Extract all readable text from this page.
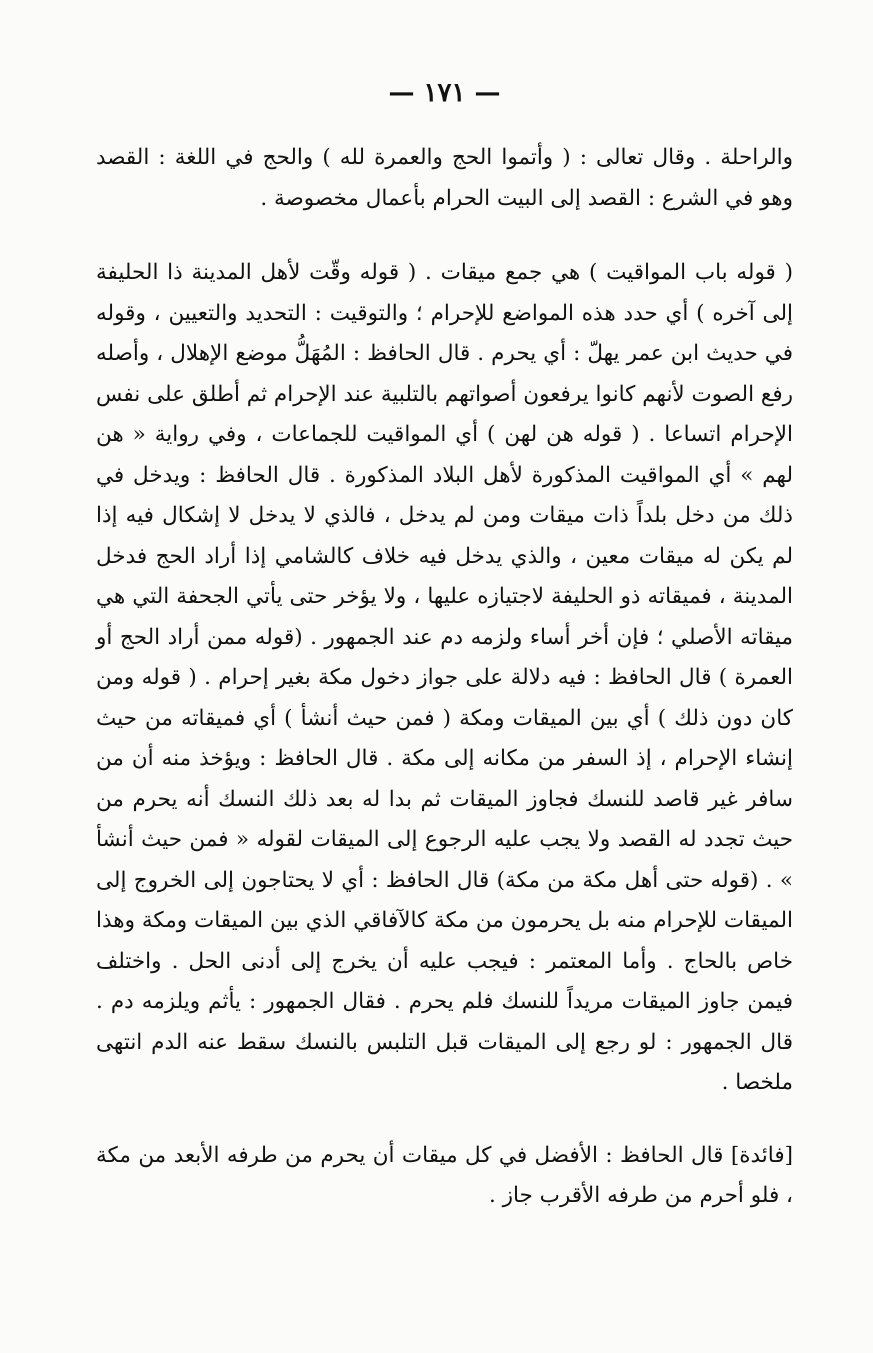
— ١٧١ —

والراحلة . وقال تعالى : ( وأتموا الحج والعمرة لله ) والحج في اللغة : القصد وهو في الشرع : القصد إلى البيت الحرام بأعمال مخصوصة .

( قوله باب المواقيت ) هي جمع ميقات . ( قوله وقّت لأهل المدينة ذا الحليفة إلى آخره ) أي حدد هذه المواضع للإحرام ؛ والتوقيت : التحديد والتعيين ، وقوله في حديث ابن عمر يهلّ : أي يحرم . قال الحافظ : المُهَلُّ موضع الإهلال ، وأصله رفع الصوت لأنهم كانوا يرفعون أصواتهم بالتلبية عند الإحرام ثم أطلق على نفس الإحرام اتساعا . ( قوله هن لهن ) أي المواقيت للجماعات ، وفي رواية « هن لهم » أي المواقيت المذكورة لأهل البلاد المذكورة . قال الحافظ : ويدخل في ذلك من دخل بلداً ذات ميقات ومن لم يدخل ، فالذي لا يدخل لا إشكال فيه إذا لم يكن له ميقات معين ، والذي يدخل فيه خلاف كالشامي إذا أراد الحج فدخل المدينة ، فميقاته ذو الحليفة لاجتيازه عليها ، ولا يؤخر حتى يأتي الجحفة التي هي ميقاته الأصلي ؛ فإن أخر أساء ولزمه دم عند الجمهور . (قوله ممن أراد الحج أو العمرة ) قال الحافظ : فيه دلالة على جواز دخول مكة بغير إحرام . ( قوله ومن كان دون ذلك ) أي بين الميقات ومكة ( فمن حيث أنشأ ) أي فميقاته من حيث إنشاء الإحرام ، إذ السفر من مكانه إلى مكة . قال الحافظ : ويؤخذ منه أن من سافر غير قاصد للنسك فجاوز الميقات ثم بدا له بعد ذلك النسك أنه يحرم من حيث تجدد له القصد ولا يجب عليه الرجوع إلى الميقات لقوله « فمن حيث أنشأ » . (قوله حتى أهل مكة من مكة) قال الحافظ : أي لا يحتاجون إلى الخروج إلى الميقات للإحرام منه بل يحرمون من مكة كالآفاقي الذي بين الميقات ومكة وهذا خاص بالحاج . وأما المعتمر : فيجب عليه أن يخرج إلى أدنى الحل . واختلف فيمن جاوز الميقات مريداً للنسك فلم يحرم . فقال الجمهور : يأثم ويلزمه دم . قال الجمهور : لو رجع إلى الميقات قبل التلبس بالنسك سقط عنه الدم انتهى ملخصا .

[فائدة] قال الحافظ : الأفضل في كل ميقات أن يحرم من طرفه الأبعد من مكة ، فلو أحرم من طرفه الأقرب جاز .
